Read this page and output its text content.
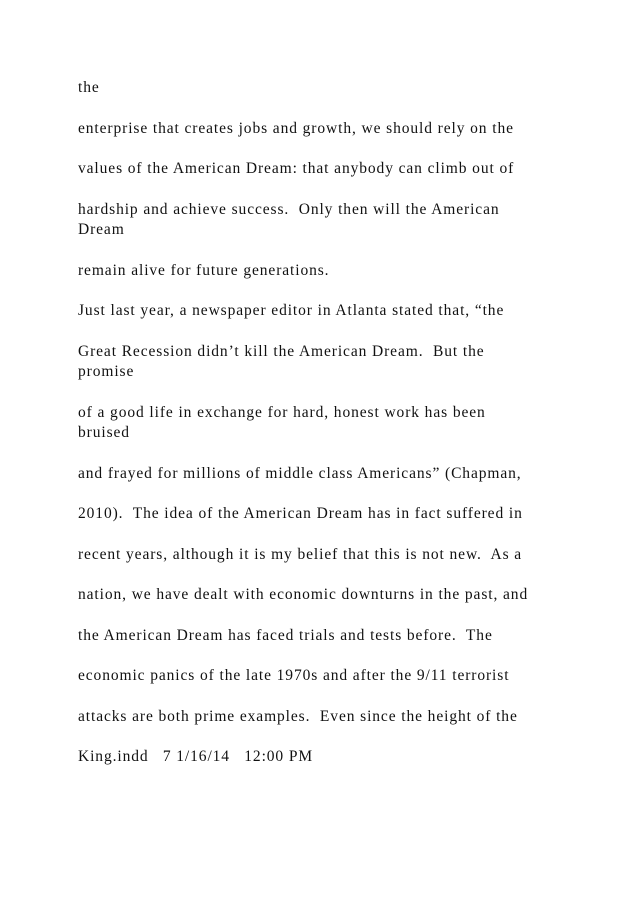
the

enterprise that creates jobs and growth, we should rely on the

values of the American Dream: that anybody can climb out of

hardship and achieve success.  Only then will the American

Dream

remain alive for future generations.

Just last year, a newspaper editor in Atlanta stated that, “the

Great Recession didn’t kill the American Dream.  But the

promise

of a good life in exchange for hard, honest work has been

bruised

and frayed for millions of middle class Americans” (Chapman,

2010).  The idea of the American Dream has in fact suffered in

recent years, although it is my belief that this is not new.  As a

nation, we have dealt with economic downturns in the past, and

the American Dream has faced trials and tests before.  The

economic panics of the late 1970s and after the 9/11 terrorist

attacks are both prime examples.  Even since the height of the

King.indd   7 1/16/14   12:00 PM
